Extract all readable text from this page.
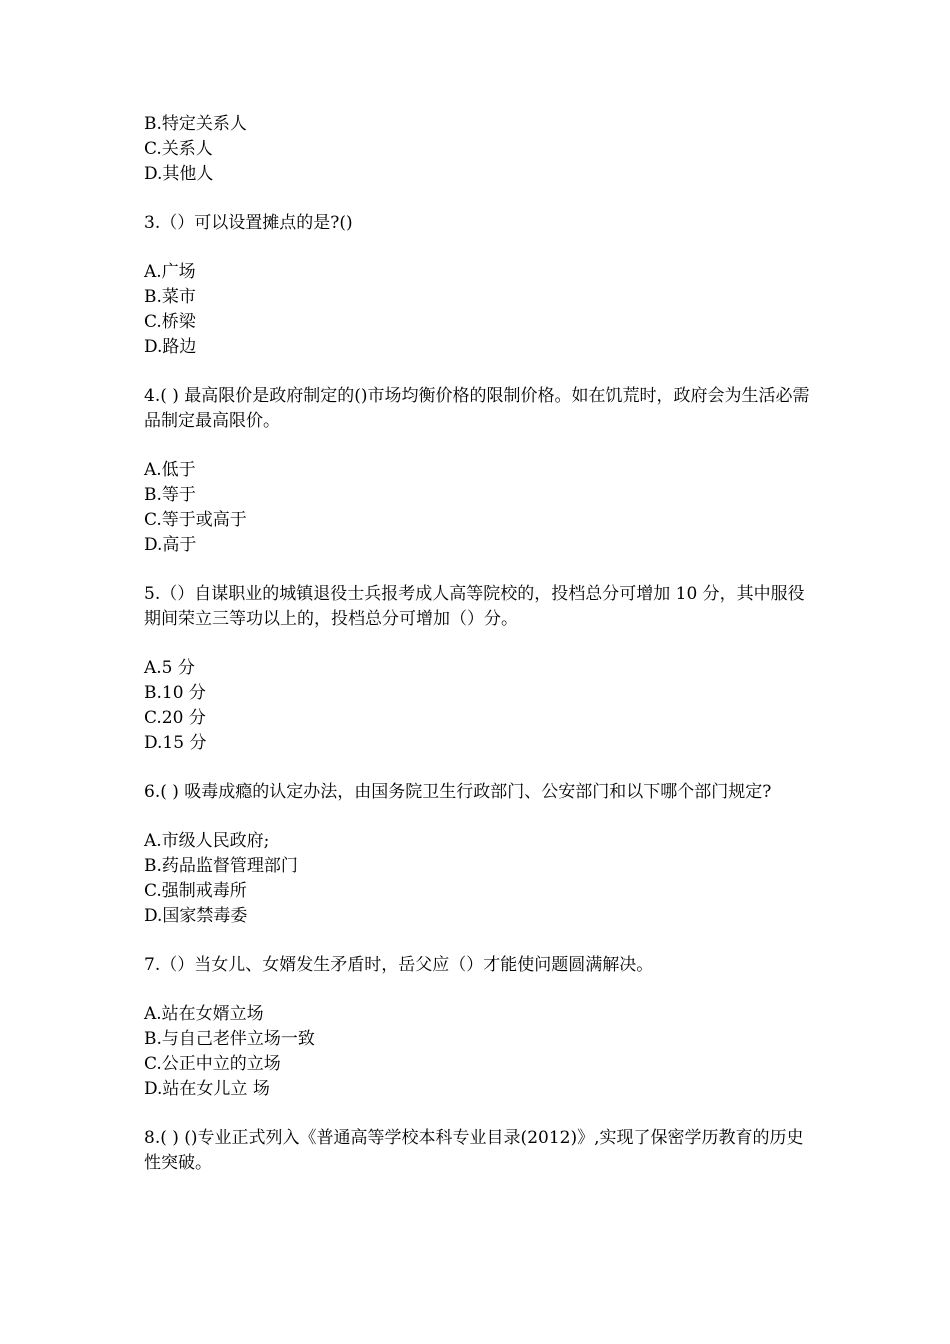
B.特定关系人
C.关系人
D.其他人
3.（）可以设置摊点的是?()
A.广场
B.菜市
C.桥梁
D.路边
4.( ) 最高限价是政府制定的()市场均衡价格的限制价格。如在饥荒时，政府会为生活必需品制定最高限价。
A.低于
B.等于
C.等于或高于
D.高于
5.（）自谋职业的城镇退役士兵报考成人高等院校的，投档总分可增加 10 分，其中服役期间荣立三等功以上的，投档总分可增加（）分。
A.5 分
B.10 分
C.20 分
D.15 分
6.( ) 吸毒成瘾的认定办法，由国务院卫生行政部门、公安部门和以下哪个部门规定?
A.市级人民政府;
B.药品监督管理部门
C.强制戒毒所
D.国家禁毒委
7.（）当女儿、女婿发生矛盾时，岳父应（）才能使问题圆满解决。
A.站在女婿立场
B.与自己老伴立场一致
C.公正中立的立场
D.站在女儿立 场
8.( ) ()专业正式列入《普通高等学校本科专业目录(2012)》,实现了保密学历教育的历史性突破。
